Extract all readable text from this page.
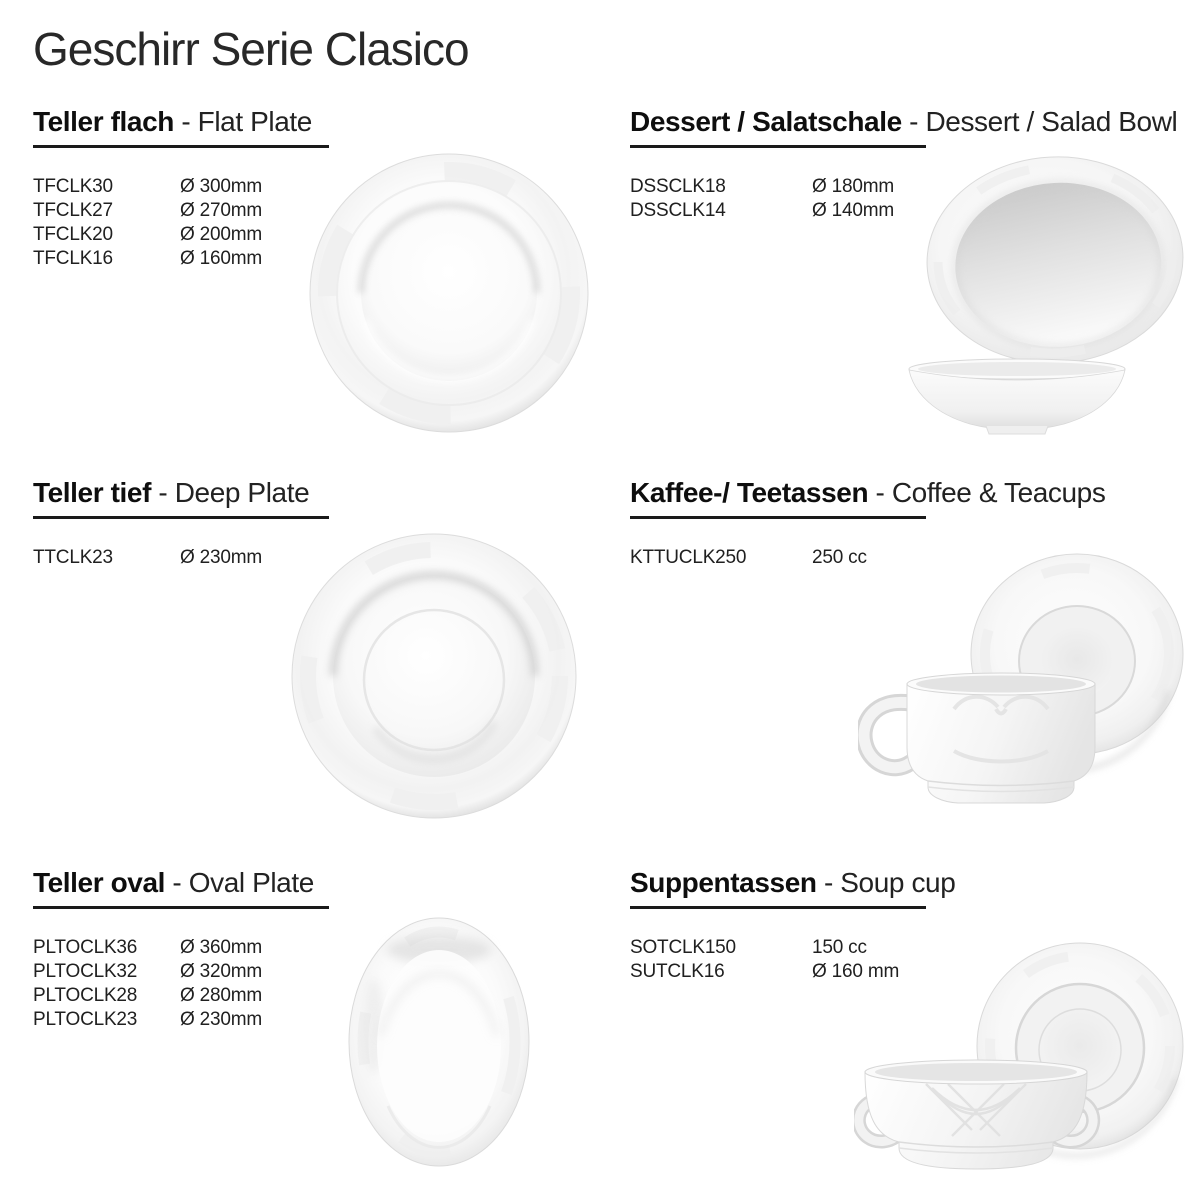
Geschirr Serie Clasico
Teller flach - Flat Plate
TFCLK30	Ø 300mm
TFCLK27	Ø 270mm
TFCLK20	Ø 200mm
TFCLK16	Ø 160mm
Dessert / Salatschale - Dessert / Salad Bowl
DSSCLK18	Ø 180mm
DSSCLK14	Ø 140mm
Teller tief - Deep Plate
TTCLK23	Ø 230mm
Kaffee-/ Teetassen - Coffee & Teacups
KTTUCLK250	250 cc
Teller oval - Oval Plate
PLTOCLK36 Ø 360mm
PLTOCLK32 Ø 320mm
PLTOCLK28 Ø 280mm
PLTOCLK23 Ø 230mm
Suppentassen - Soup cup
SOTCLK150	150 cc
SUTCLK16	Ø 160 mm
